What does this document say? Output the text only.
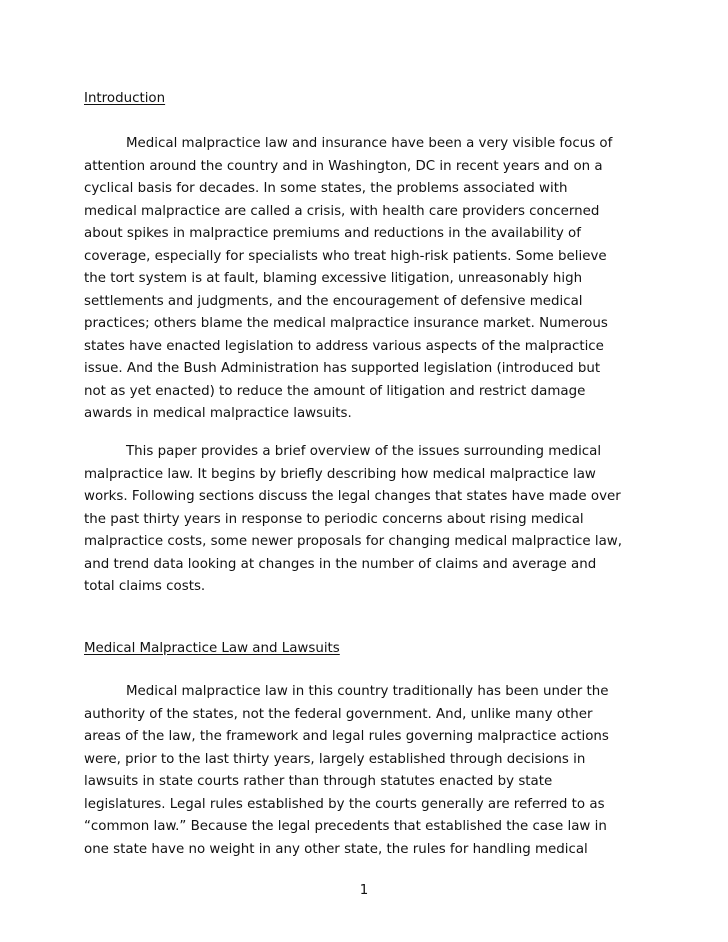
Introduction
Medical malpractice law and insurance have been a very visible focus of
attention around the country and in Washington, DC in recent years and on a
cyclical basis for decades. In some states, the problems associated with
medical malpractice are called a crisis, with health care providers concerned
about spikes in malpractice premiums and reductions in the availability of
coverage, especially for specialists who treat high-risk patients. Some believe
the tort system is at fault, blaming excessive litigation, unreasonably high
settlements and judgments, and the encouragement of defensive medical
practices; others blame the medical malpractice insurance market. Numerous
states have enacted legislation to address various aspects of the malpractice
issue. And the Bush Administration has supported legislation (introduced but
not as yet enacted) to reduce the amount of litigation and restrict damage
awards in medical malpractice lawsuits.
This paper provides a brief overview of the issues surrounding medical
malpractice law. It begins by briefly describing how medical malpractice law
works. Following sections discuss the legal changes that states have made over
the past thirty years in response to periodic concerns about rising medical
malpractice costs, some newer proposals for changing medical malpractice law,
and trend data looking at changes in the number of claims and average and
total claims costs.
Medical Malpractice Law and Lawsuits
Medical malpractice law in this country traditionally has been under the
authority of the states, not the federal government. And, unlike many other
areas of the law, the framework and legal rules governing malpractice actions
were, prior to the last thirty years, largely established through decisions in
lawsuits in state courts rather than through statutes enacted by state
legislatures. Legal rules established by the courts generally are referred to as
“common law.” Because the legal precedents that established the case law in
one state have no weight in any other state, the rules for handling medical
1
